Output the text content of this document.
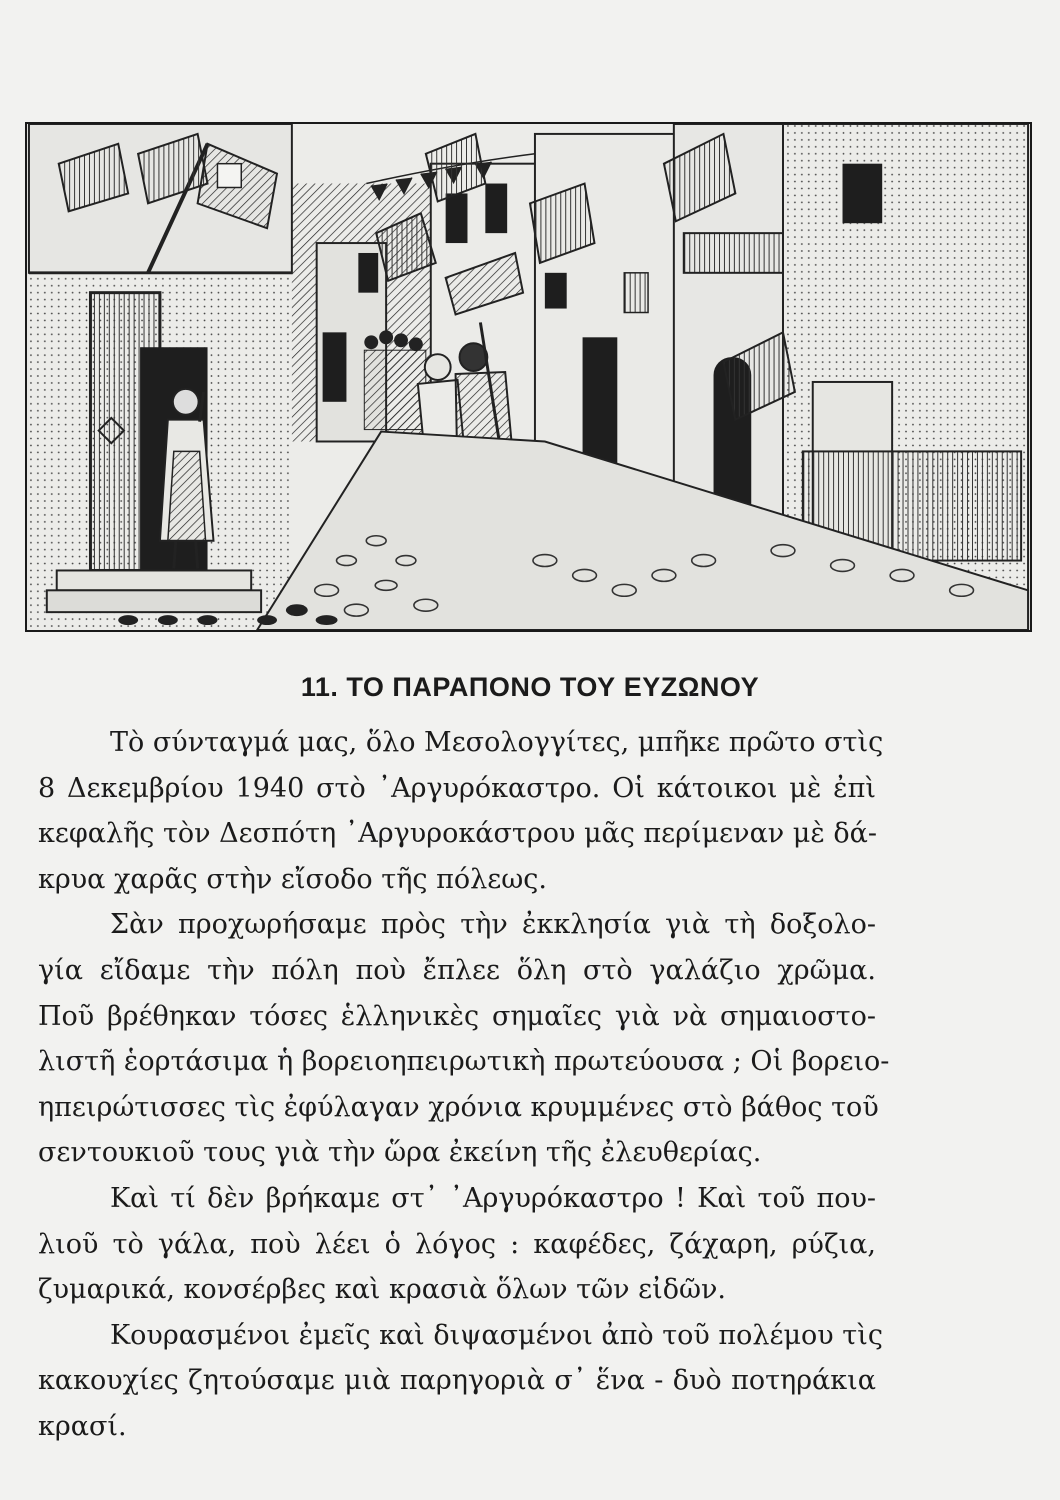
11. ΤΟ ΠΑΡΑΠΟΝΟ ΤΟΥ ΕΥΖΩΝΟΥ
Τὸ σύνταγμά μας, ὅλο Μεσολογγίτες, μπῆκε πρῶτο στὶς
8 Δεκεμβρίου 1940 στὸ ᾿Αργυρόκαστρο. Οἱ κάτοικοι μὲ ἐπὶ
κεφαλῆς τὸν Δεσπότη ᾿Αργυροκάστρου μᾶς περίμεναν μὲ δά-
κρυα χαρᾶς στὴν εἴσοδο τῆς πόλεως.
Σὰν προχωρήσαμε πρὸς τὴν ἐκκλησία γιὰ τὴ δοξολο-
γία εἴδαμε τὴν πόλη ποὺ ἔπλεε ὅλη στὸ γαλάζιο χρῶμα.
Ποῦ βρέθηκαν τόσες ἑλληνικὲς σημαῖες γιὰ νὰ σημαιοστο-
λιστῆ ἑορτάσιμα ἡ βορειοηπειρωτικὴ πρωτεύουσα ; Οἱ βορειο-
ηπειρώτισσες τὶς ἐφύλαγαν χρόνια κρυμμένες στὸ βάθος τοῦ
σεντουκιοῦ τους γιὰ τὴν ὥρα ἐκείνη τῆς ἐλευθερίας.
Καὶ τί δὲν βρήκαμε στ᾿ ᾿Αργυρόκαστρο ! Καὶ τοῦ που-
λιοῦ τὸ γάλα, ποὺ λέει ὁ λόγος : καφέδες, ζάχαρη, ρύζια,
ζυμαρικά, κονσέρβες καὶ κρασιὰ ὅλων τῶν εἰδῶν.
Κουρασμένοι ἐμεῖς καὶ διψασμένοι ἀπὸ τοῦ πολέμου τὶς
κακουχίες ζητούσαμε μιὰ παρηγοριὰ σ᾿ ἕνα - δυὸ ποτηράκια
κρασί.
